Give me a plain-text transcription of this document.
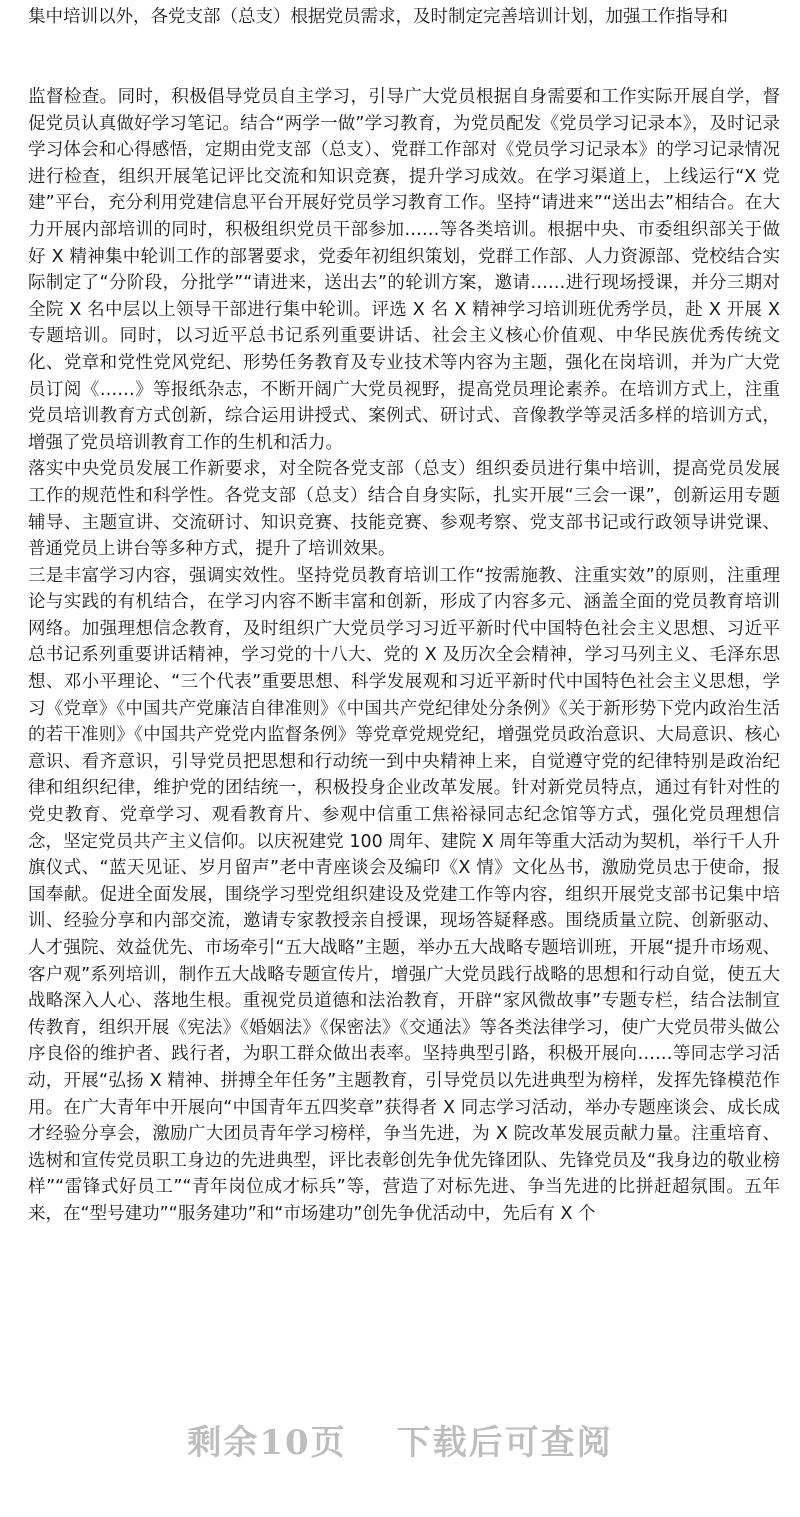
集中培训以外，各党支部（总支）根据党员需求，及时制定完善培训计划，加强工作指导和

监督检查。同时，积极倡导党员自主学习，引导广大党员根据自身需要和工作实际开展自学，督促党员认真做好学习笔记。结合“两学一做”学习教育，为党员配发《党员学习记录本》，及时记录学习体会和心得感悟，定期由党支部（总支）、党群工作部对《党员学习记录本》的学习记录情况进行检查，组织开展笔记评比交流和知识竞赛，提升学习成效。在学习渠道上，上线运行“X 党建”平台，充分利用党建信息平台开展好党员学习教育工作。坚持“请进来”“送出去”相结合。在大力开展内部培训的同时，积极组织党员干部参加……等各类培训。根据中央、市委组织部关于做好 X 精神集中轮训工作的部署要求，党委年初组织策划，党群工作部、人力资源部、党校结合实际制定了“分阶段，分批学”“请进来，送出去”的轮训方案，邀请……进行现场授课，并分三期对全院 X 名中层以上领导干部进行集中轮训。评选 X 名 X 精神学习培训班优秀学员，赴 X 开展 X 专题培训。同时，以习近平总书记系列重要讲话、社会主义核心价值观、中华民族优秀传统文化、党章和党性党风党纪、形势任务教育及专业技术等内容为主题，强化在岗培训，并为广大党员订阅《……》等报纸杂志，不断开阔广大党员视野，提高党员理论素养。在培训方式上，注重党员培训教育方式创新，综合运用讲授式、案例式、研讨式、音像教学等灵活多样的培训方式，增强了党员培训教育工作的生机和活力。

落实中央党员发展工作新要求，对全院各党支部（总支）组织委员进行集中培训，提高党员发展工作的规范性和科学性。各党支部（总支）结合自身实际，扎实开展“三会一课”，创新运用专题辅导、主题宣讲、交流研讨、知识竞赛、技能竞赛、参观考察、党支部书记或行政领导讲党课、普通党员上讲台等多种方式，提升了培训效果。

三是丰富学习内容，强调实效性。坚持党员教育培训工作“按需施教、注重实效”的原则，注重理论与实践的有机结合，在学习内容不断丰富和创新，形成了内容多元、涵盖全面的党员教育培训网络。加强理想信念教育，及时组织广大党员学习习近平新时代中国特色社会主义思想、习近平总书记系列重要讲话精神，学习党的十八大、党的 X 及历次全会精神，学习马列主义、毛泽东思想、邓小平理论、“三个代表”重要思想、科学发展观和习近平新时代中国特色社会主义思想，学习《党章》《中国共产党廉洁自律准则》《中国共产党纪律处分条例》《关于新形势下党内政治生活的若干准则》《中国共产党党内监督条例》等党章党规党纪，增强党员政治意识、大局意识、核心意识、看齐意识，引导党员把思想和行动统一到中央精神上来，自觉遵守党的纪律特别是政治纪律和组织纪律，维护党的团结统一，积极投身企业改革发展。针对新党员特点，通过有针对性的党史教育、党章学习、观看教育片、参观中信重工焦裕禄同志纪念馆等方式，强化党员理想信念，坚定党员共产主义信仰。以庆祝建党 100 周年、建院 X 周年等重大活动为契机，举行千人升旗仪式、“蓝天见证、岁月留声”老中青座谈会及编印《X 情》文化丛书，激励党员忠于使命，报国奉献。促进全面发展，围绕学习型党组织建设及党建工作等内容，组织开展党支部书记集中培训、经验分享和内部交流，邀请专家教授亲自授课，现场答疑释惑。围绕质量立院、创新驱动、人才强院、效益优先、市场牵引“五大战略”主题，举办五大战略专题培训班，开展“提升市场观、客户观”系列培训，制作五大战略专题宣传片，增强广大党员践行战略的思想和行动自觉，使五大战略深入人心、落地生根。重视党员道德和法治教育，开辟“家风微故事”专题专栏，结合法制宣传教育，组织开展《宪法》《婚姻法》《保密法》《交通法》等各类法律学习，使广大党员带头做公序良俗的维护者、践行者，为职工群众做出表率。坚持典型引路，积极开展向……等同志学习活动，开展“弘扬 X 精神、拼搏全年任务”主题教育，引导党员以先进典型为榜样，发挥先锋模范作用。在广大青年中开展向“中国青年五四奖章”获得者 X 同志学习活动，举办专题座谈会、成长成才经验分享会，激励广大团员青年学习榜样，争当先进，为 X 院改革发展贡献力量。注重培育、选树和宣传党员职工身边的先进典型，评比表彰创先争优先锋团队、先锋党员及“我身边的敬业榜样”“雷锋式好员工”“青年岗位成才标兵”等，营造了对标先进、争当先进的比拼赶超氛围。五年来，在“型号建功”“服务建功”和“市场建功”创先争优活动中，先后有 X 个

剩余10页 下载后可查阅
